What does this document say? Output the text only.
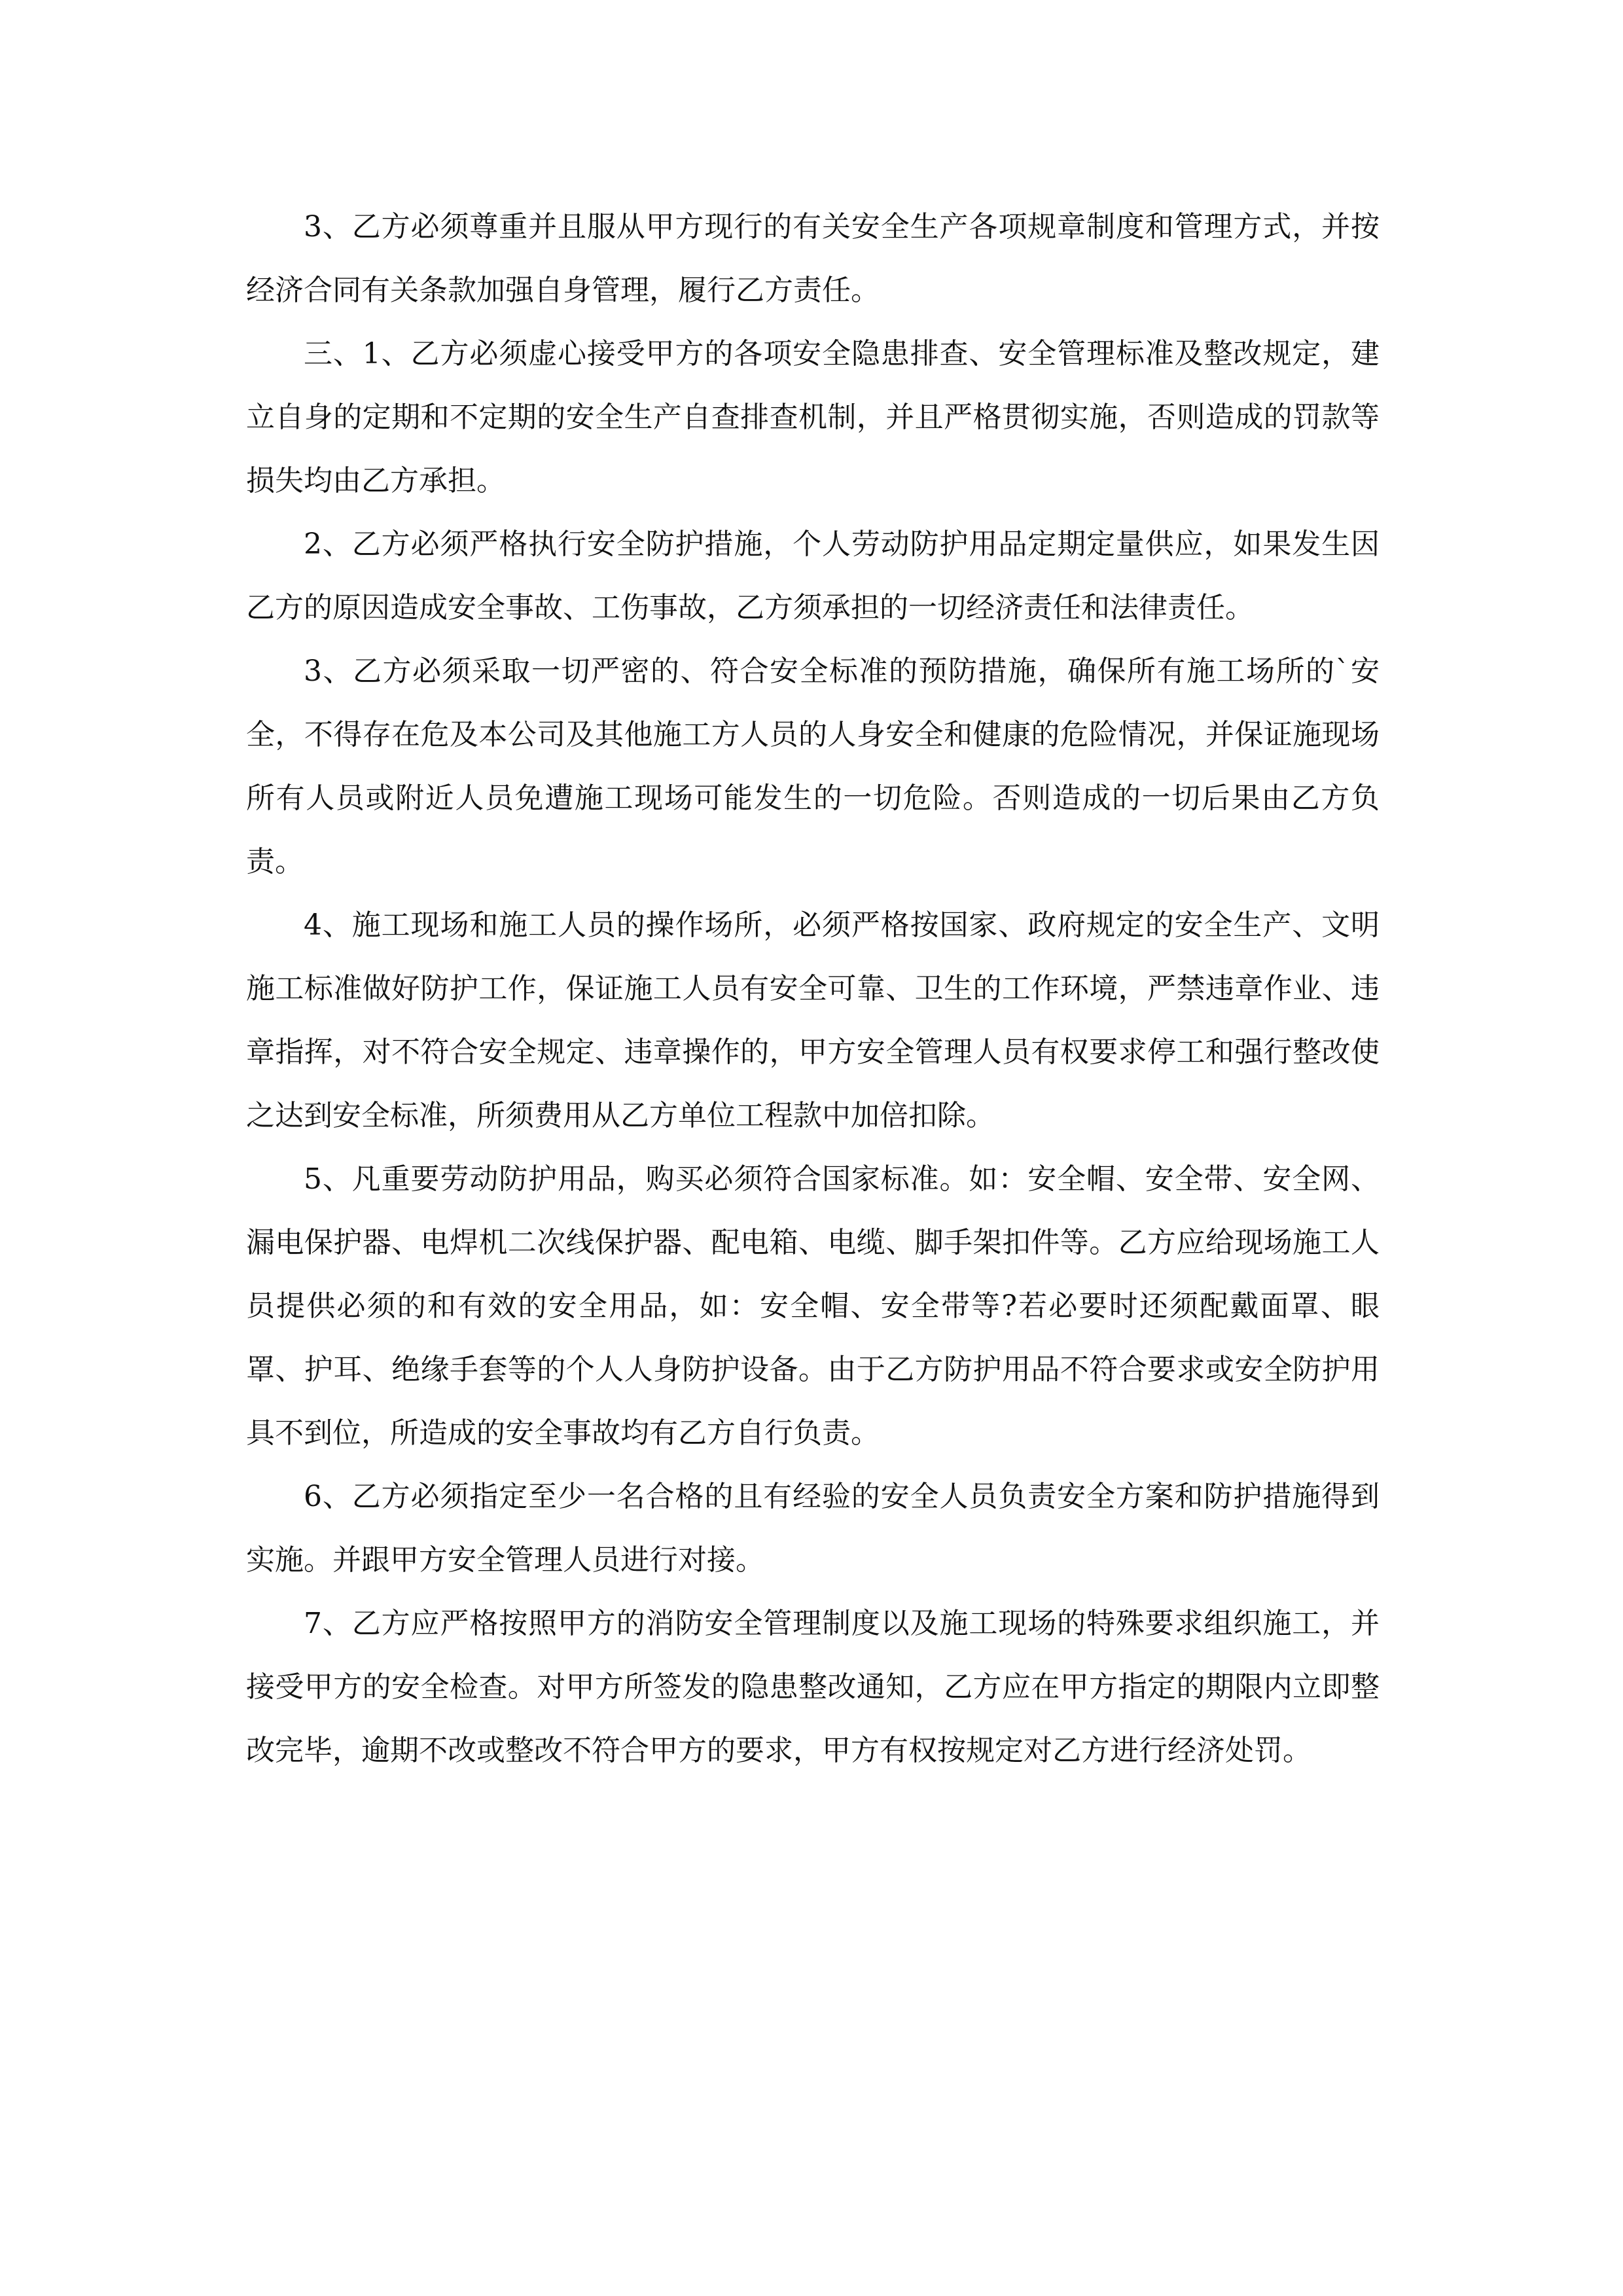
3、乙方必须尊重并且服从甲方现行的有关安全生产各项规章制度和管理方式，并按经济合同有关条款加强自身管理，履行乙方责任。

三、1、乙方必须虚心接受甲方的各项安全隐患排查、安全管理标准及整改规定，建立自身的定期和不定期的安全生产自查排查机制，并且严格贯彻实施，否则造成的罚款等损失均由乙方承担。

2、乙方必须严格执行安全防护措施，个人劳动防护用品定期定量供应，如果发生因乙方的原因造成安全事故、工伤事故，乙方须承担的一切经济责任和法律责任。

3、乙方必须采取一切严密的、符合安全标准的预防措施，确保所有施工场所的`安全，不得存在危及本公司及其他施工方人员的人身安全和健康的危险情况，并保证施现场所有人员或附近人员免遭施工现场可能发生的一切危险。否则造成的一切后果由乙方负责。

4、施工现场和施工人员的操作场所，必须严格按国家、政府规定的安全生产、文明施工标准做好防护工作，保证施工人员有安全可靠、卫生的工作环境，严禁违章作业、违章指挥，对不符合安全规定、违章操作的，甲方安全管理人员有权要求停工和强行整改使之达到安全标准，所须费用从乙方单位工程款中加倍扣除。

5、凡重要劳动防护用品，购买必须符合国家标准。如：安全帽、安全带、安全网、漏电保护器、电焊机二次线保护器、配电箱、电缆、脚手架扣件等。乙方应给现场施工人员提供必须的和有效的安全用品，如：安全帽、安全带等?若必要时还须配戴面罩、眼罩、护耳、绝缘手套等的个人人身防护设备。由于乙方防护用品不符合要求或安全防护用具不到位，所造成的安全事故均有乙方自行负责。

6、乙方必须指定至少一名合格的且有经验的安全人员负责安全方案和防护措施得到实施。并跟甲方安全管理人员进行对接。

7、乙方应严格按照甲方的消防安全管理制度以及施工现场的特殊要求组织施工，并接受甲方的安全检查。对甲方所签发的隐患整改通知，乙方应在甲方指定的期限内立即整改完毕，逾期不改或整改不符合甲方的要求，甲方有权按规定对乙方进行经济处罚。
